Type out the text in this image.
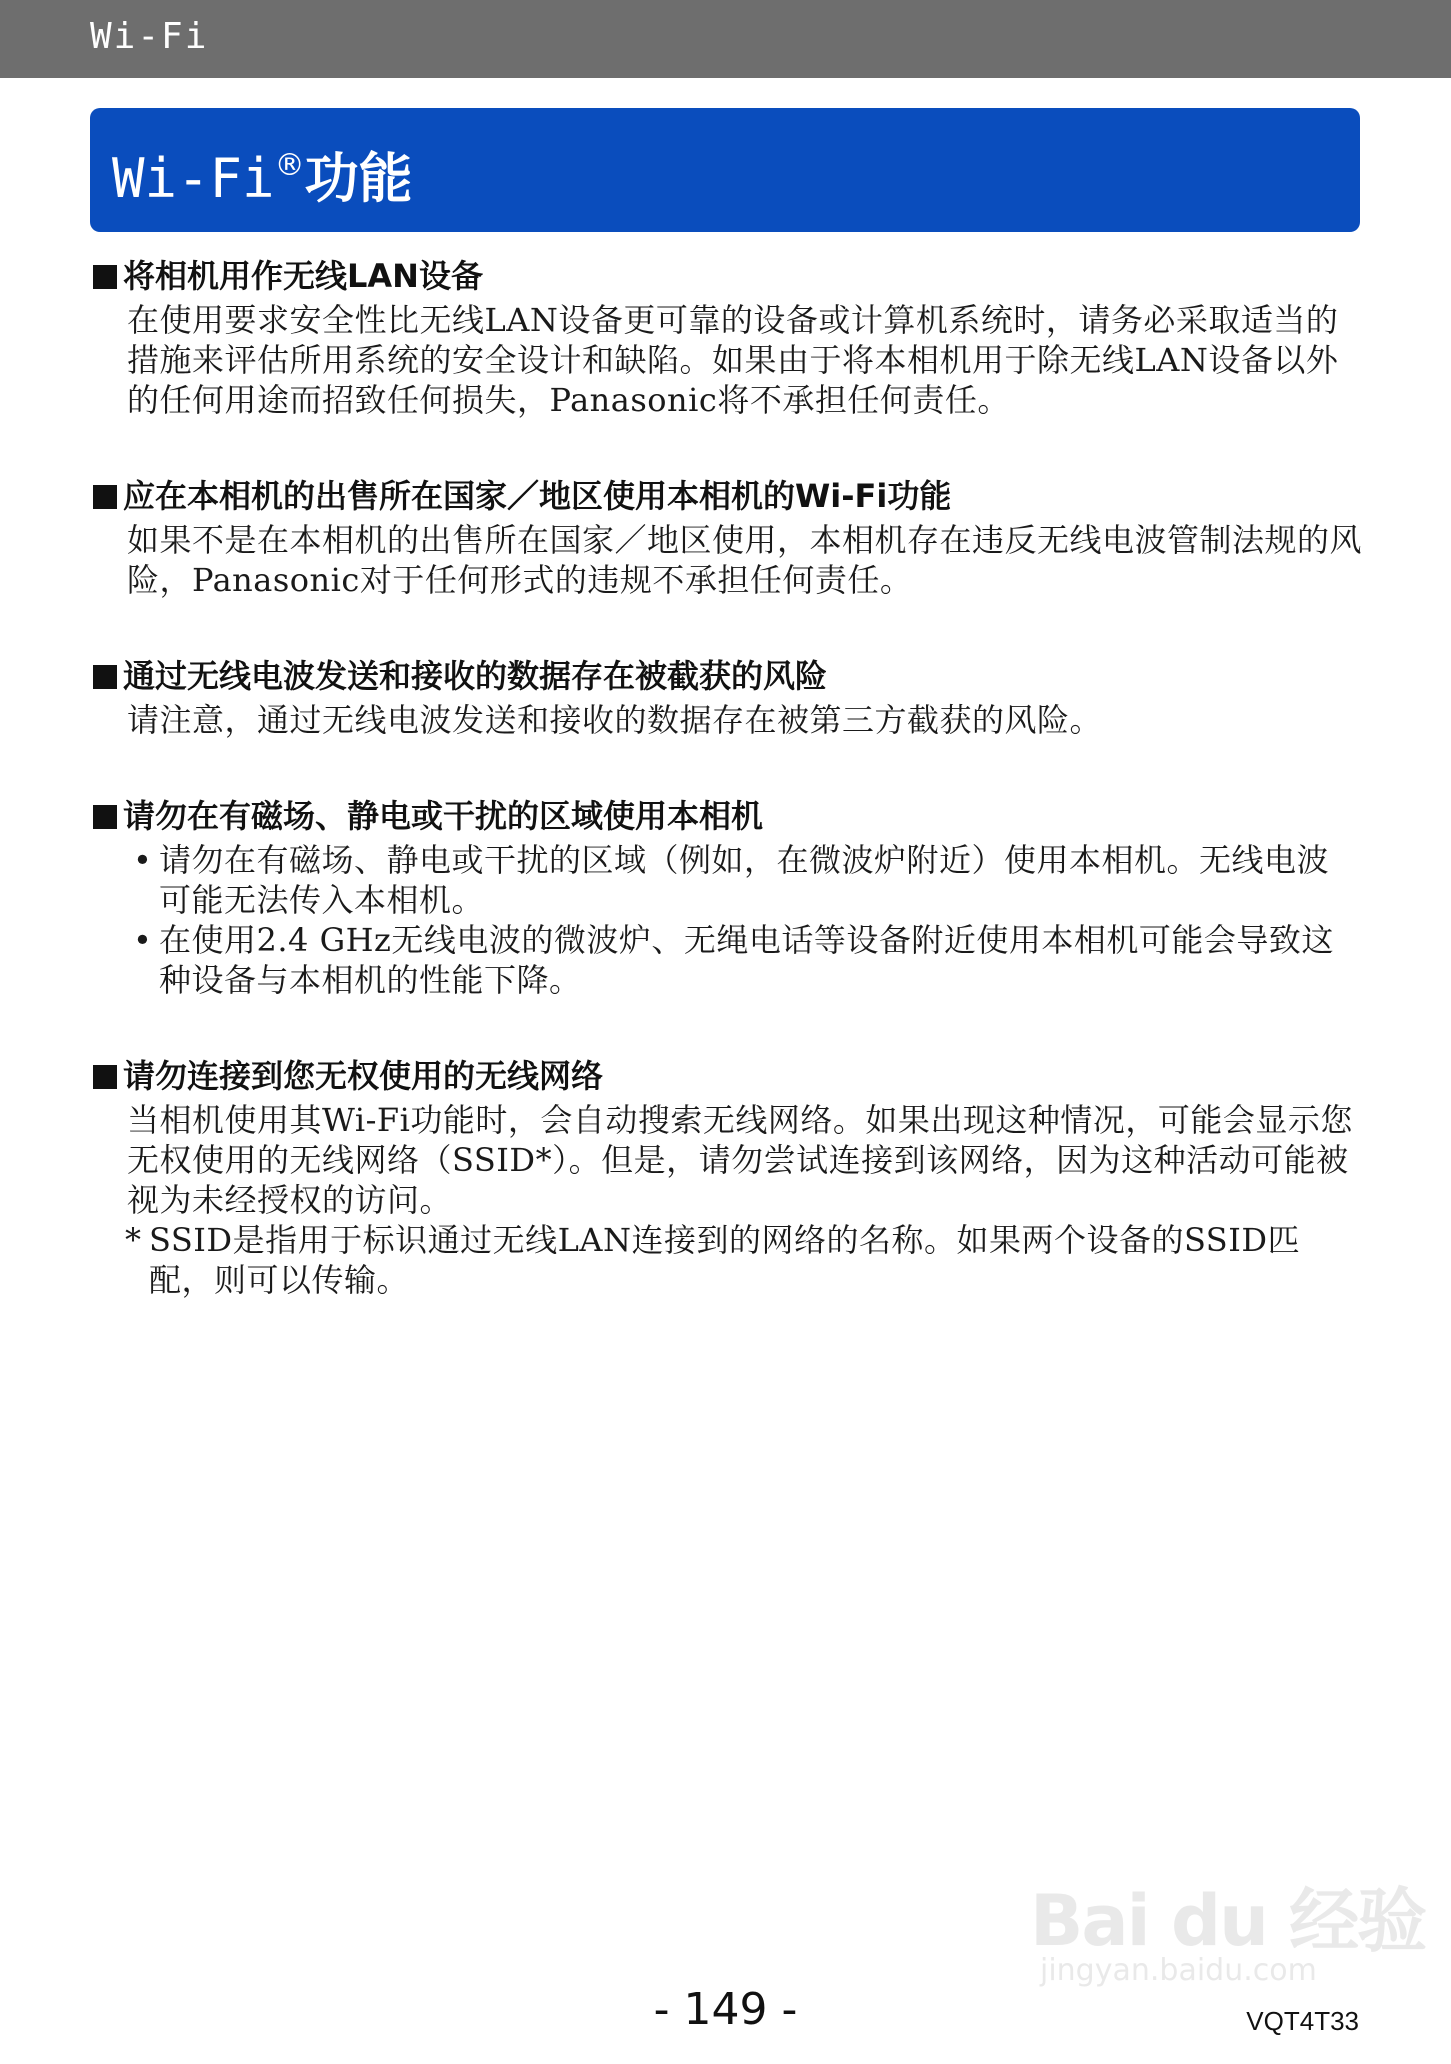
Wi-Fi
Wi-Fi®功能
将相机用作无线LAN设备
在使用要求安全性比无线LAN设备更可靠的设备或计算机系统时，请务必采取适当的措施来评估所用系统的安全设计和缺陷。如果由于将本相机用于除无线LAN设备以外的任何用途而招致任何损失，Panasonic将不承担任何责任。
应在本相机的出售所在国家／地区使用本相机的Wi-Fi功能
如果不是在本相机的出售所在国家／地区使用，本相机存在违反无线电波管制法规的风险，Panasonic对于任何形式的违规不承担任何责任。
通过无线电波发送和接收的数据存在被截获的风险
请注意，通过无线电波发送和接收的数据存在被第三方截获的风险。
请勿在有磁场、静电或干扰的区域使用本相机
• 请勿在有磁场、静电或干扰的区域（例如，在微波炉附近）使用本相机。无线电波可能无法传入本相机。
• 在使用2.4 GHz无线电波的微波炉、无绳电话等设备附近使用本相机可能会导致这种设备与本相机的性能下降。
请勿连接到您无权使用的无线网络
当相机使用其Wi-Fi功能时，会自动搜索无线网络。如果出现这种情况，可能会显示您无权使用的无线网络（SSID*）。但是，请勿尝试连接到该网络，因为这种活动可能被视为未经授权的访问。
* SSID是指用于标识通过无线LAN连接到的网络的名称。如果两个设备的SSID匹配，则可以传输。
Bai du 经验
jingyan.baidu.com
- 149 -	VQT4T33
